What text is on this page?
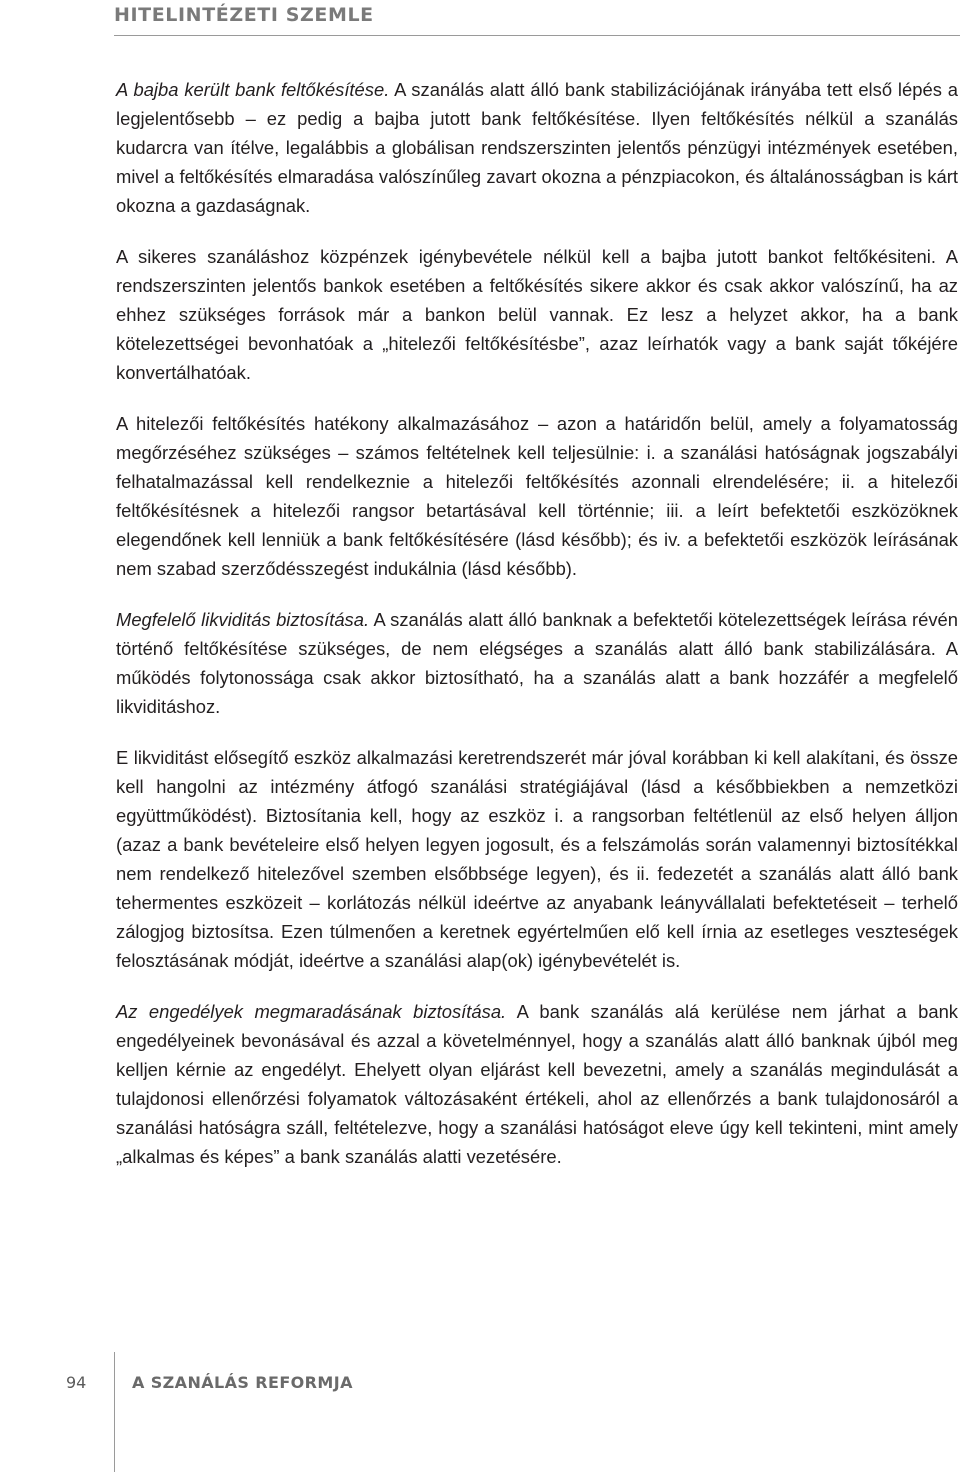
HITELINTÉZETI SZEMLE

A bajba került bank feltőkésítése. A szanálás alatt álló bank stabilizációjának irányába tett első lépés a legjelentősebb – ez pedig a bajba jutott bank feltőkésítése. Ilyen feltőkésítés nélkül a szanálás kudarcra van ítélve, legalábbis a globálisan rendszerszinten jelentős pénzügyi intézmények esetében, mivel a feltőkésítés elmaradása valószínűleg zavart okozna a pénzpiacokon, és általánosságban is kárt okozna a gazdaságnak.

A sikeres szanáláshoz közpénzek igénybevétele nélkül kell a bajba jutott bankot feltőkésiteni. A rendszerszinten jelentős bankok esetében a feltőkésítés sikere akkor és csak akkor valószínű, ha az ehhez szükséges források már a bankon belül vannak. Ez lesz a helyzet akkor, ha a bank kötelezettségei bevonhatóak a „hitelezői feltőkésítésbe”, azaz leírhatók vagy a bank saját tőkéjére konvertálhatóak.

A hitelezői feltőkésítés hatékony alkalmazásához – azon a határidőn belül, amely a folyamatosság megőrzéséhez szükséges – számos feltételnek kell teljesülnie: i. a szanálási hatóságnak jogszabályi felhatalmazással kell rendelkeznie a hitelezői feltőkésítés azonnali elrendelésére; ii. a hitelezői feltőkésítésnek a hitelezői rangsor betartásával kell történnie; iii. a leírt befektetői eszközöknek elegendőnek kell lenniük a bank feltőkésítésére (lásd később); és iv. a befektetői eszközök leírásának nem szabad szerződésszegést indukálnia (lásd később).

Megfelelő likviditás biztosítása. A szanálás alatt álló banknak a befektetői kötelezettségek leírása révén történő feltőkésítése szükséges, de nem elégséges a szanálás alatt álló bank stabilizálására. A működés folytonossága csak akkor biztosítható, ha a szanálás alatt a bank hozzáfér a megfelelő likviditáshoz.

E likviditást elősegítő eszköz alkalmazási keretrendszerét már jóval korábban ki kell alakítani, és össze kell hangolni az intézmény átfogó szanálási stratégiájával (lásd a későbbiekben a nemzetközi együttműködést). Biztosítania kell, hogy az eszköz i. a rangsorban feltétlenül az első helyen álljon (azaz a bank bevételeire első helyen legyen jogosult, és a felszámolás során valamennyi biztosítékkal nem rendelkező hitelezővel szemben elsőbbsége legyen), és ii. fedezetét a szanálás alatt álló bank tehermentes eszközeit – korlátozás nélkül ideértve az anyabank leányvállalati befektetéseit – terhelő zálogjog biztosítsa. Ezen túlmenően a keretnek egyértelműen elő kell írnia az esetleges veszteségek felosztásának módját, ideértve a szanálási alap(ok) igénybevételét is.

Az engedélyek megmaradásának biztosítása. A bank szanálás alá kerülése nem járhat a bank engedélyeinek bevonásával és azzal a követelménnyel, hogy a szanálás alatt álló banknak újból meg kelljen kérnie az engedélyt. Ehelyett olyan eljárást kell bevezetni, amely a szanálás megindulását a tulajdonosi ellenőrzési folyamatok változásaként értékeli, ahol az ellenőrzés a bank tulajdonosáról a szanálási hatóságra száll, feltételezve, hogy a szanálási hatóságot eleve úgy kell tekinteni, mint amely „alkalmas és képes” a bank szanálás alatti vezetésére.

94	A SZANÁLÁS REFORMJA
